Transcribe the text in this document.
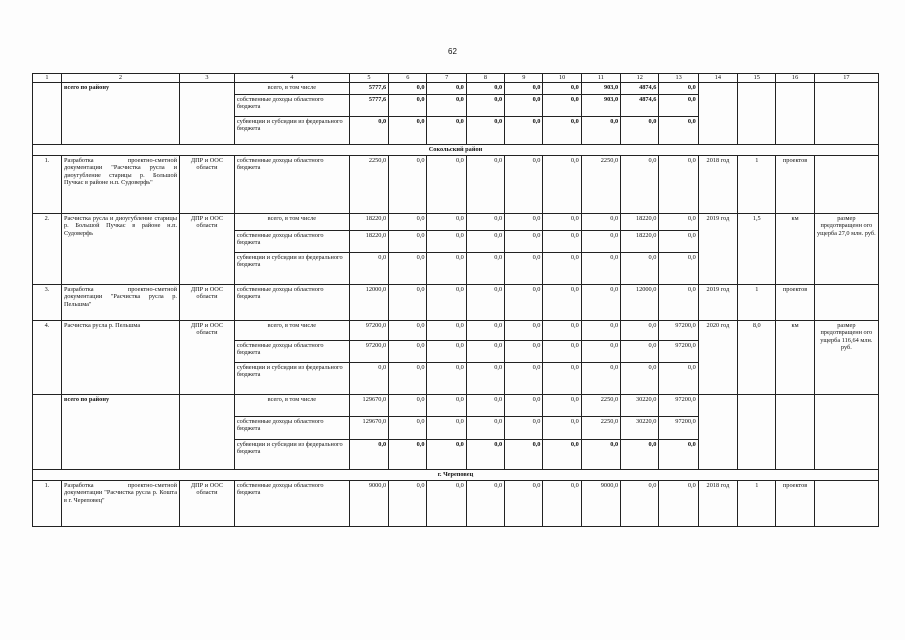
62
1	2	3	4	5	6	7	8	9	10	11	12	13	14	15	16	17
	всего по району		всего, в том числе	5777,6	0,0	0,0	0,0	0,0	0,0	903,0	4874,6	0,0				
			собственные доходы областного бюджета	5777,6	0,0	0,0	0,0	0,0	0,0	903,0	4874,6	0,0				
			субвенции и субсидии из федерального бюджета	0,0	0,0	0,0	0,0	0,0	0,0	0,0	0,0	0,0				
Сокольский район																
1.	Разработка проектно-сметной документации "Расчистка русла и диоугубление старицы р. Большой Пучкас в районе н.п. Судоверфь"	ДПР и ООС области	собственные доходы областного бюджета	2250,0	0,0	0,0	0,0	0,0	0,0	2250,0	0,0	0,0	2018 год	1	проектов	
2.	Расчистка русла и диоугубление старицы р. Большой Пучкас в районе н.п. Судоверфь	ДПР и ООС области	всего, в том числе	18220,0	0,0	0,0	0,0	0,0	0,0	0,0	18220,0	0,0	2019 год	1,5	км	размер предотвращенн ого ущерба 27,0 млн. руб.
			собственные доходы областного бюджета	18220,0	0,0	0,0	0,0	0,0	0,0	0,0	18220,0	0,0				
			субвенции и субсидии из федерального бюджета	0,0	0,0	0,0	0,0	0,0	0,0	0,0	0,0	0,0				
3.	Разработка проектно-сметной документации "Расчистка русла р. Пельшма"	ДПР и ООС области	собственные доходы областного бюджета	12000,0	0,0	0,0	0,0	0,0	0,0	0,0	12000,0	0,0	2019 год	1	проектов	
4.	Расчистка русла р. Пельшма	ДПР и ООС области	всего, в том числе	97200,0	0,0	0,0	0,0	0,0	0,0	0,0	0,0	97200,0	2020 год	8,0	км	размер предотвращенн ого ущерба 116,64 млн. руб.
			собственные доходы областного бюджета	97200,0	0,0	0,0	0,0	0,0	0,0	0,0	0,0	97200,0				
			субвенции и субсидии из федерального бюджета	0,0	0,0	0,0	0,0	0,0	0,0	0,0	0,0	0,0				
	всего по району		всего, в том числе	129670,0	0,0	0,0	0,0	0,0	0,0	2250,0	30220,0	97200,0				
			собственные доходы областного бюджета	129670,0	0,0	0,0	0,0	0,0	0,0	2250,0	30220,0	97200,0				
			субвенции и субсидии из федерального бюджета	0,0	0,0	0,0	0,0	0,0	0,0	0,0	0,0	0,0				
г. Череповец																
1.	Разработка проектно-сметной документации "Расчистка русла р. Кошта в г. Череповец"	ДПР и ООС области	собственные доходы областного бюджета	9000,0	0,0	0,0	0,0	0,0	0,0	9000,0	0,0	0,0	2018 год	1	проектов	
